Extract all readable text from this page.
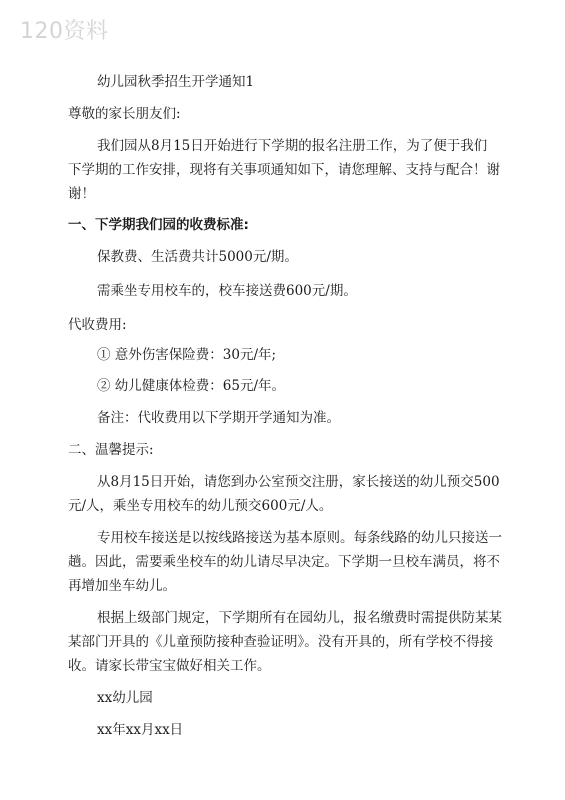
120资料
幼儿园秋季招生开学通知1
尊敬的家长朋友们:
我们园从8月15日开始进行下学期的报名注册工作，为了便于我们
下学期的工作安排，现将有关事项通知如下，请您理解、支持与配合！谢
谢！
一、下学期我们园的收费标准:
保教费、生活费共计5000元/期。
需乘坐专用校车的，校车接送费600元/期。
代收费用:
① 意外伤害保险费：30元/年;
② 幼儿健康体检费：65元/年。
备注：代收费用以下学期开学通知为准。
二、温馨提示:
从8月15日开始，请您到办公室预交注册，家长接送的幼儿预交500
元/人，乘坐专用校车的幼儿预交600元/人。
专用校车接送是以按线路接送为基本原则。每条线路的幼儿只接送一
趟。因此，需要乘坐校车的幼儿请尽早决定。下学期一旦校车满员，将不
再增加坐车幼儿。
根据上级部门规定，下学期所有在园幼儿，报名缴费时需提供防某某
某部门开具的《儿童预防接种查验证明》。没有开具的，所有学校不得接
收。请家长带宝宝做好相关工作。
xx幼儿园
xx年xx月xx日
